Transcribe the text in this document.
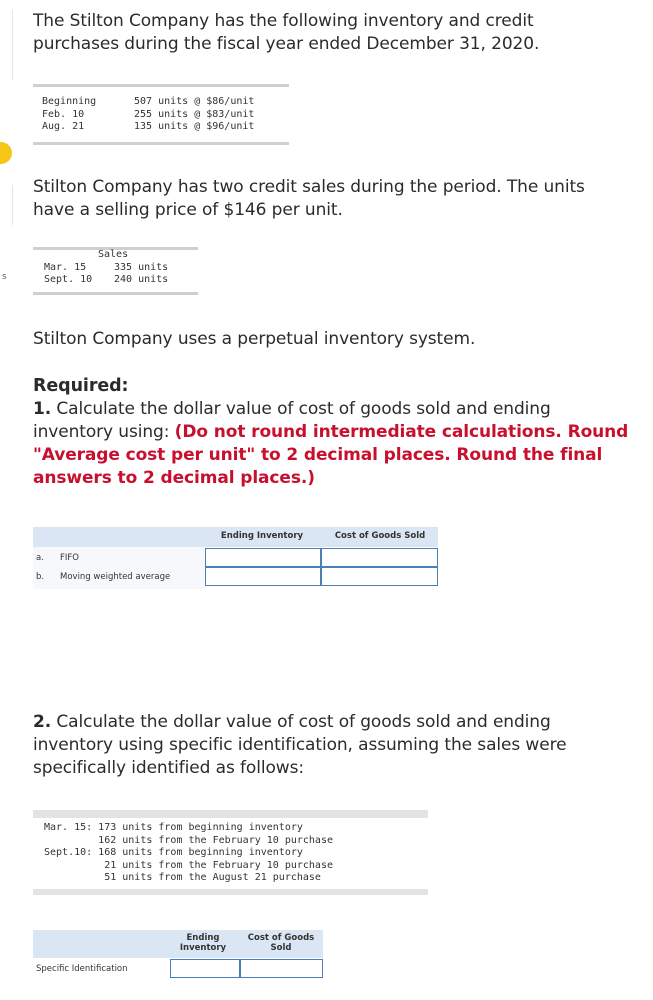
s
The Stilton Company has the following inventory and credit
purchases during the fiscal year ended December 31, 2020.
Beginning	507 units @ $86/unit
Feb. 10	255 units @ $83/unit
Aug. 21	135 units @ $96/unit
Stilton Company has two credit sales during the period. The units
have a selling price of $146 per unit.
Sales
Mar. 15	335 units
Sept. 10 240 units
Stilton Company uses a perpetual inventory system.
Required:
1. Calculate the dollar value of cost of goods sold and ending
inventory using: (Do not round intermediate calculations. Round
"Average cost per unit" to 2 decimal places. Round the final
answers to 2 decimal places.)
Ending Inventory	Cost of Goods Sold
a. FIFO
b. Moving weighted average
2. Calculate the dollar value of cost of goods sold and ending
inventory using specific identification, assuming the sales were
specifically identified as follows:
Mar. 15: 173 units from beginning inventory
162 units from the February 10 purchase
Sept.10: 168 units from beginning inventory
21 units from the February 10 purchase
51 units from the August 21 purchase
Ending
Inventory
Cost of Goods
Sold
Specific Identification
